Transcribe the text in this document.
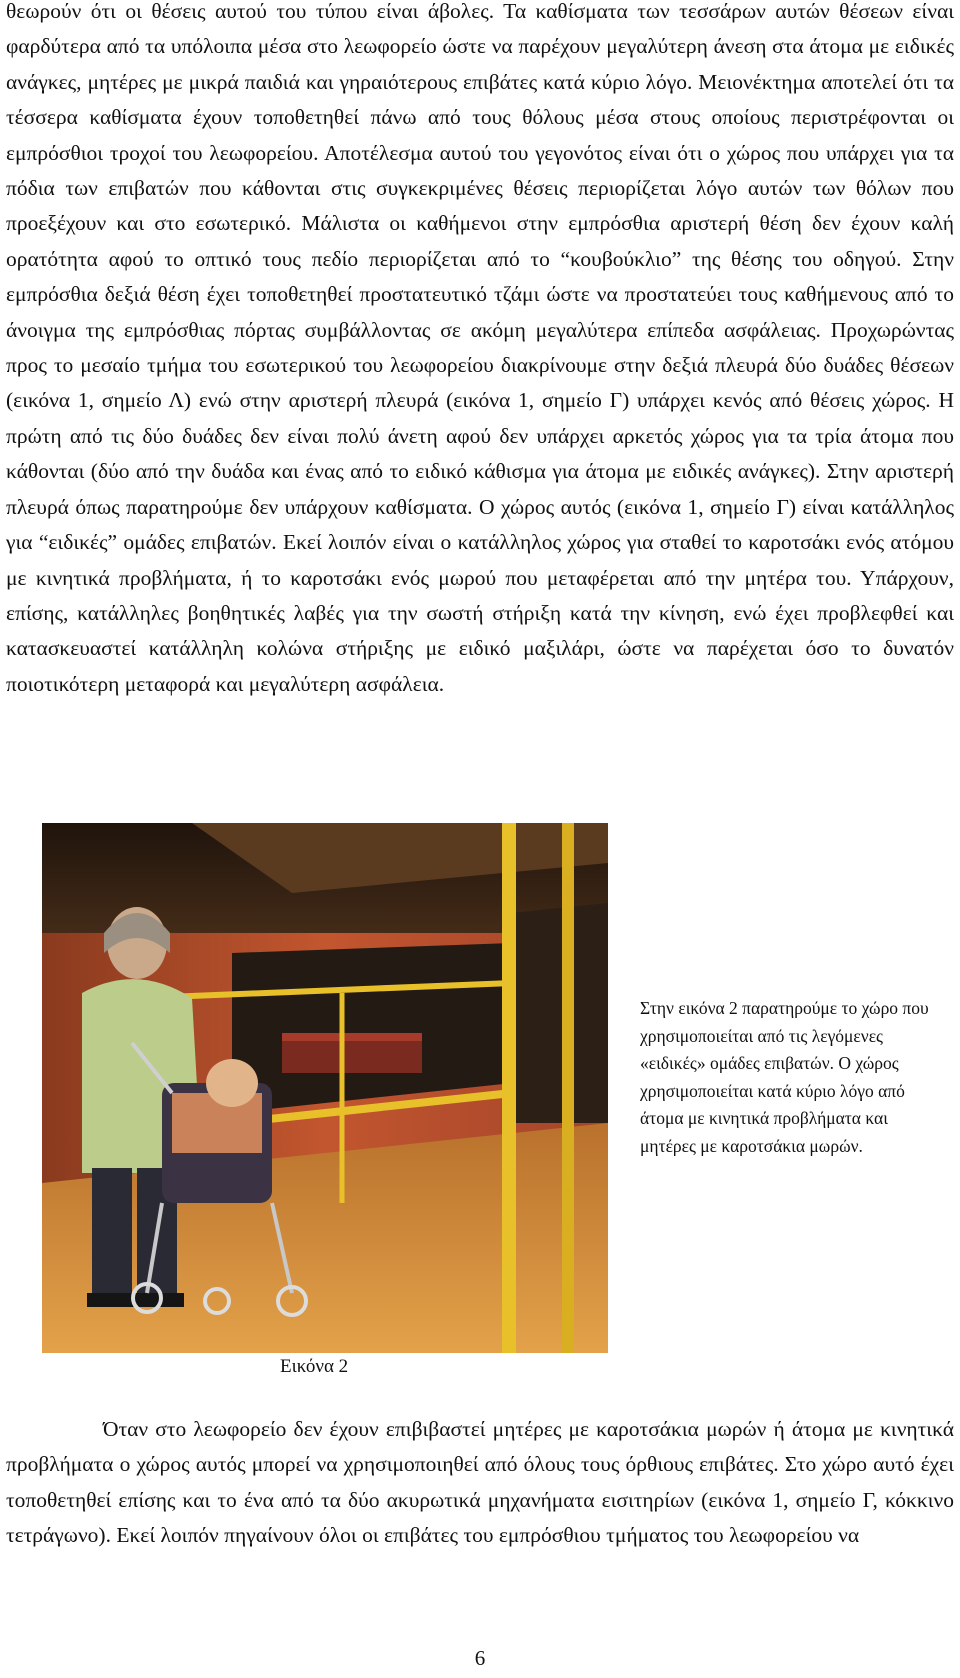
θεωρούν ότι οι θέσεις αυτού του τύπου είναι άβολες. Τα καθίσματα των τεσσάρων αυτών θέσεων είναι φαρδύτερα από τα υπόλοιπα μέσα στο λεωφορείο ώστε να παρέχουν μεγαλύτερη άνεση στα άτομα με ειδικές ανάγκες, μητέρες με μικρά παιδιά και γηραιότερους επιβάτες κατά κύριο λόγο. Μειονέκτημα αποτελεί ότι τα τέσσερα καθίσματα έχουν τοποθετηθεί πάνω από τους θόλους μέσα στους οποίους περιστρέφονται οι εμπρόσθιοι τροχοί του λεωφορείου. Αποτέλεσμα αυτού του γεγονότος είναι ότι ο χώρος που υπάρχει για τα πόδια των επιβατών που κάθονται στις συγκεκριμένες θέσεις περιορίζεται λόγο αυτών των θόλων που προεξέχουν και στο εσωτερικό. Μάλιστα οι καθήμενοι στην εμπρόσθια αριστερή θέση δεν έχουν καλή ορατότητα αφού το οπτικό τους πεδίο περιορίζεται από το “κουβούκλιο” της θέσης του οδηγού. Στην εμπρόσθια δεξιά θέση έχει τοποθετηθεί προστατευτικό τζάμι ώστε να προστατεύει τους καθήμενους από το άνοιγμα της εμπρόσθιας πόρτας συμβάλλοντας σε ακόμη μεγαλύτερα επίπεδα ασφάλειας. Προχωρώντας προς το μεσαίο τμήμα του εσωτερικού του λεωφορείου διακρίνουμε στην δεξιά πλευρά δύο δυάδες θέσεων (εικόνα 1, σημείο Λ) ενώ στην αριστερή πλευρά (εικόνα 1, σημείο Γ) υπάρχει κενός από θέσεις χώρος. Η πρώτη από τις δύο δυάδες δεν είναι πολύ άνετη αφού δεν υπάρχει αρκετός χώρος για τα τρία άτομα που κάθονται (δύο από την δυάδα και ένας από το ειδικό κάθισμα για άτομα με ειδικές ανάγκες). Στην αριστερή πλευρά όπως παρατηρούμε δεν υπάρχουν καθίσματα. Ο χώρος αυτός (εικόνα 1, σημείο Γ) είναι κατάλληλος για “ειδικές” ομάδες επιβατών. Εκεί λοιπόν είναι ο κατάλληλος χώρος για σταθεί το καροτσάκι ενός ατόμου με κινητικά προβλήματα, ή το καροτσάκι ενός μωρού που μεταφέρεται από την μητέρα του. Υπάρχουν, επίσης, κατάλληλες βοηθητικές λαβές για την σωστή στήριξη κατά την κίνηση, ενώ έχει προβλεφθεί και κατασκευαστεί κατάλληλη κολώνα στήριξης με ειδικό μαξιλάρι, ώστε να παρέχεται όσο το δυνατόν ποιοτικότερη μεταφορά και μεγαλύτερη ασφάλεια.

Στην εικόνα 2 παρατηρούμε το χώρο που χρησιμοποιείται από τις λεγόμενες «ειδικές» ομάδες επιβατών. Ο χώρος χρησιμοποιείται κατά κύριο λόγο από άτομα με κινητικά προβλήματα και μητέρες με καροτσάκια μωρών.

Εικόνα 2

Όταν στο λεωφορείο δεν έχουν επιβιβαστεί μητέρες με καροτσάκια μωρών ή άτομα με κινητικά προβλήματα ο χώρος αυτός μπορεί να χρησιμοποιηθεί από όλους τους όρθιους επιβάτες. Στο χώρο αυτό έχει τοποθετηθεί επίσης και το ένα από τα δύο ακυρωτικά μηχανήματα εισιτηρίων (εικόνα 1, σημείο Γ, κόκκινο τετράγωνο). Εκεί λοιπόν πηγαίνουν όλοι οι επιβάτες του εμπρόσθιου τμήματος του λεωφορείου να

6
